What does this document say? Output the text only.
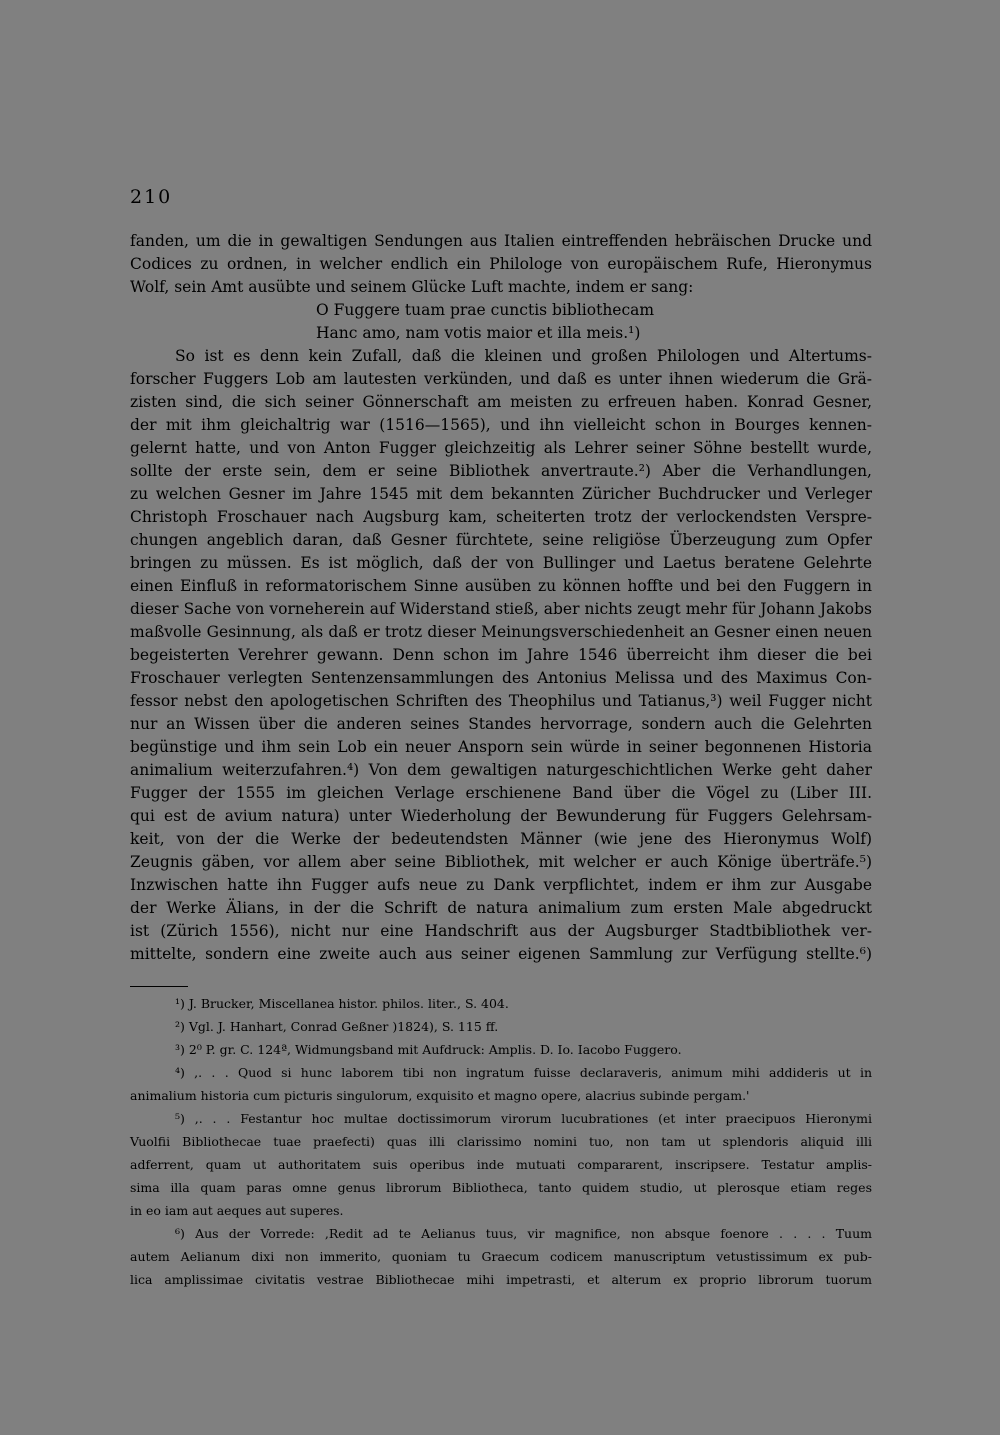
210
fanden, um die in gewaltigen Sendungen aus Italien eintreffenden hebräischen Drucke und
Codices zu ordnen, in welcher endlich ein Philologe von europäischem Rufe, Hieronymus
Wolf, sein Amt ausübte und seinem Glücke Luft machte, indem er sang:
O Fuggere tuam prae cunctis bibliothecam
Hanc amo, nam votis maior et illa meis.¹)
So ist es denn kein Zufall, daß die kleinen und großen Philologen und Altertums-
forscher Fuggers Lob am lautesten verkünden, und daß es unter ihnen wiederum die Grä-
zisten sind, die sich seiner Gönnerschaft am meisten zu erfreuen haben. Konrad Gesner,
der mit ihm gleichaltrig war (1516—1565), und ihn vielleicht schon in Bourges kennen-
gelernt hatte, und von Anton Fugger gleichzeitig als Lehrer seiner Söhne bestellt wurde,
sollte der erste sein, dem er seine Bibliothek anvertraute.²) Aber die Verhandlungen,
zu welchen Gesner im Jahre 1545 mit dem bekannten Züricher Buchdrucker und Verleger
Christoph Froschauer nach Augsburg kam, scheiterten trotz der verlockendsten Verspre-
chungen angeblich daran, daß Gesner fürchtete, seine religiöse Überzeugung zum Opfer
bringen zu müssen. Es ist möglich, daß der von Bullinger und Laetus beratene Gelehrte
einen Einfluß in reformatorischem Sinne ausüben zu können hoffte und bei den Fuggern in
dieser Sache von vorneherein auf Widerstand stieß, aber nichts zeugt mehr für Johann Jakobs
maßvolle Gesinnung, als daß er trotz dieser Meinungsverschiedenheit an Gesner einen neuen
begeisterten Verehrer gewann. Denn schon im Jahre 1546 überreicht ihm dieser die bei
Froschauer verlegten Sentenzensammlungen des Antonius Melissa und des Maximus Con-
fessor nebst den apologetischen Schriften des Theophilus und Tatianus,³) weil Fugger nicht
nur an Wissen über die anderen seines Standes hervorrage, sondern auch die Gelehrten
begünstige und ihm sein Lob ein neuer Ansporn sein würde in seiner begonnenen Historia
animalium weiterzufahren.⁴) Von dem gewaltigen naturgeschichtlichen Werke geht daher
Fugger der 1555 im gleichen Verlage erschienene Band über die Vögel zu (Liber III.
qui est de avium natura) unter Wiederholung der Bewunderung für Fuggers Gelehrsam-
keit, von der die Werke der bedeutendsten Männer (wie jene des Hieronymus Wolf)
Zeugnis gäben, vor allem aber seine Bibliothek, mit welcher er auch Könige überträfe.⁵)
Inzwischen hatte ihn Fugger aufs neue zu Dank verpflichtet, indem er ihm zur Ausgabe
der Werke Älians, in der die Schrift de natura animalium zum ersten Male abgedruckt
ist (Zürich 1556), nicht nur eine Handschrift aus der Augsburger Stadtbibliothek ver-
mittelte, sondern eine zweite auch aus seiner eigenen Sammlung zur Verfügung stellte.⁶)
¹) J. Brucker, Miscellanea histor. philos. liter., S. 404.
²) Vgl. J. Hanhart, Conrad Geßner )1824), S. 115 ff.
³) 2⁰ P. gr. C. 124ª, Widmungsband mit Aufdruck: Amplis. D. Io. Iacobo Fuggero.
⁴) ,. . . Quod si hunc laborem tibi non ingratum fuisse declaraveris, animum mihi addideris ut in
animalium historia cum picturis singulorum, exquisito et magno opere, alacrius subinde pergam.'
⁵) ,. . . Festantur hoc multae doctissimorum virorum lucubrationes (et inter praecipuos Hieronymi
Vuolfii Bibliothecae tuae praefecti) quas illi clarissimo nomini tuo, non tam ut splendoris aliquid illi
adferrent, quam ut authoritatem suis operibus inde mutuati compararent, inscripsere. Testatur amplis-
sima illa quam paras omne genus librorum Bibliotheca, tanto quidem studio, ut plerosque etiam reges
in eo iam aut aeques aut superes.
⁶) Aus der Vorrede: ,Redit ad te Aelianus tuus, vir magnifice, non absque foenore . . . . Tuum
autem Aelianum dixi non immerito, quoniam tu Graecum codicem manuscriptum vetustissimum ex pub-
lica amplissimae civitatis vestrae Bibliothecae mihi impetrasti, et alterum ex proprio librorum tuorum
